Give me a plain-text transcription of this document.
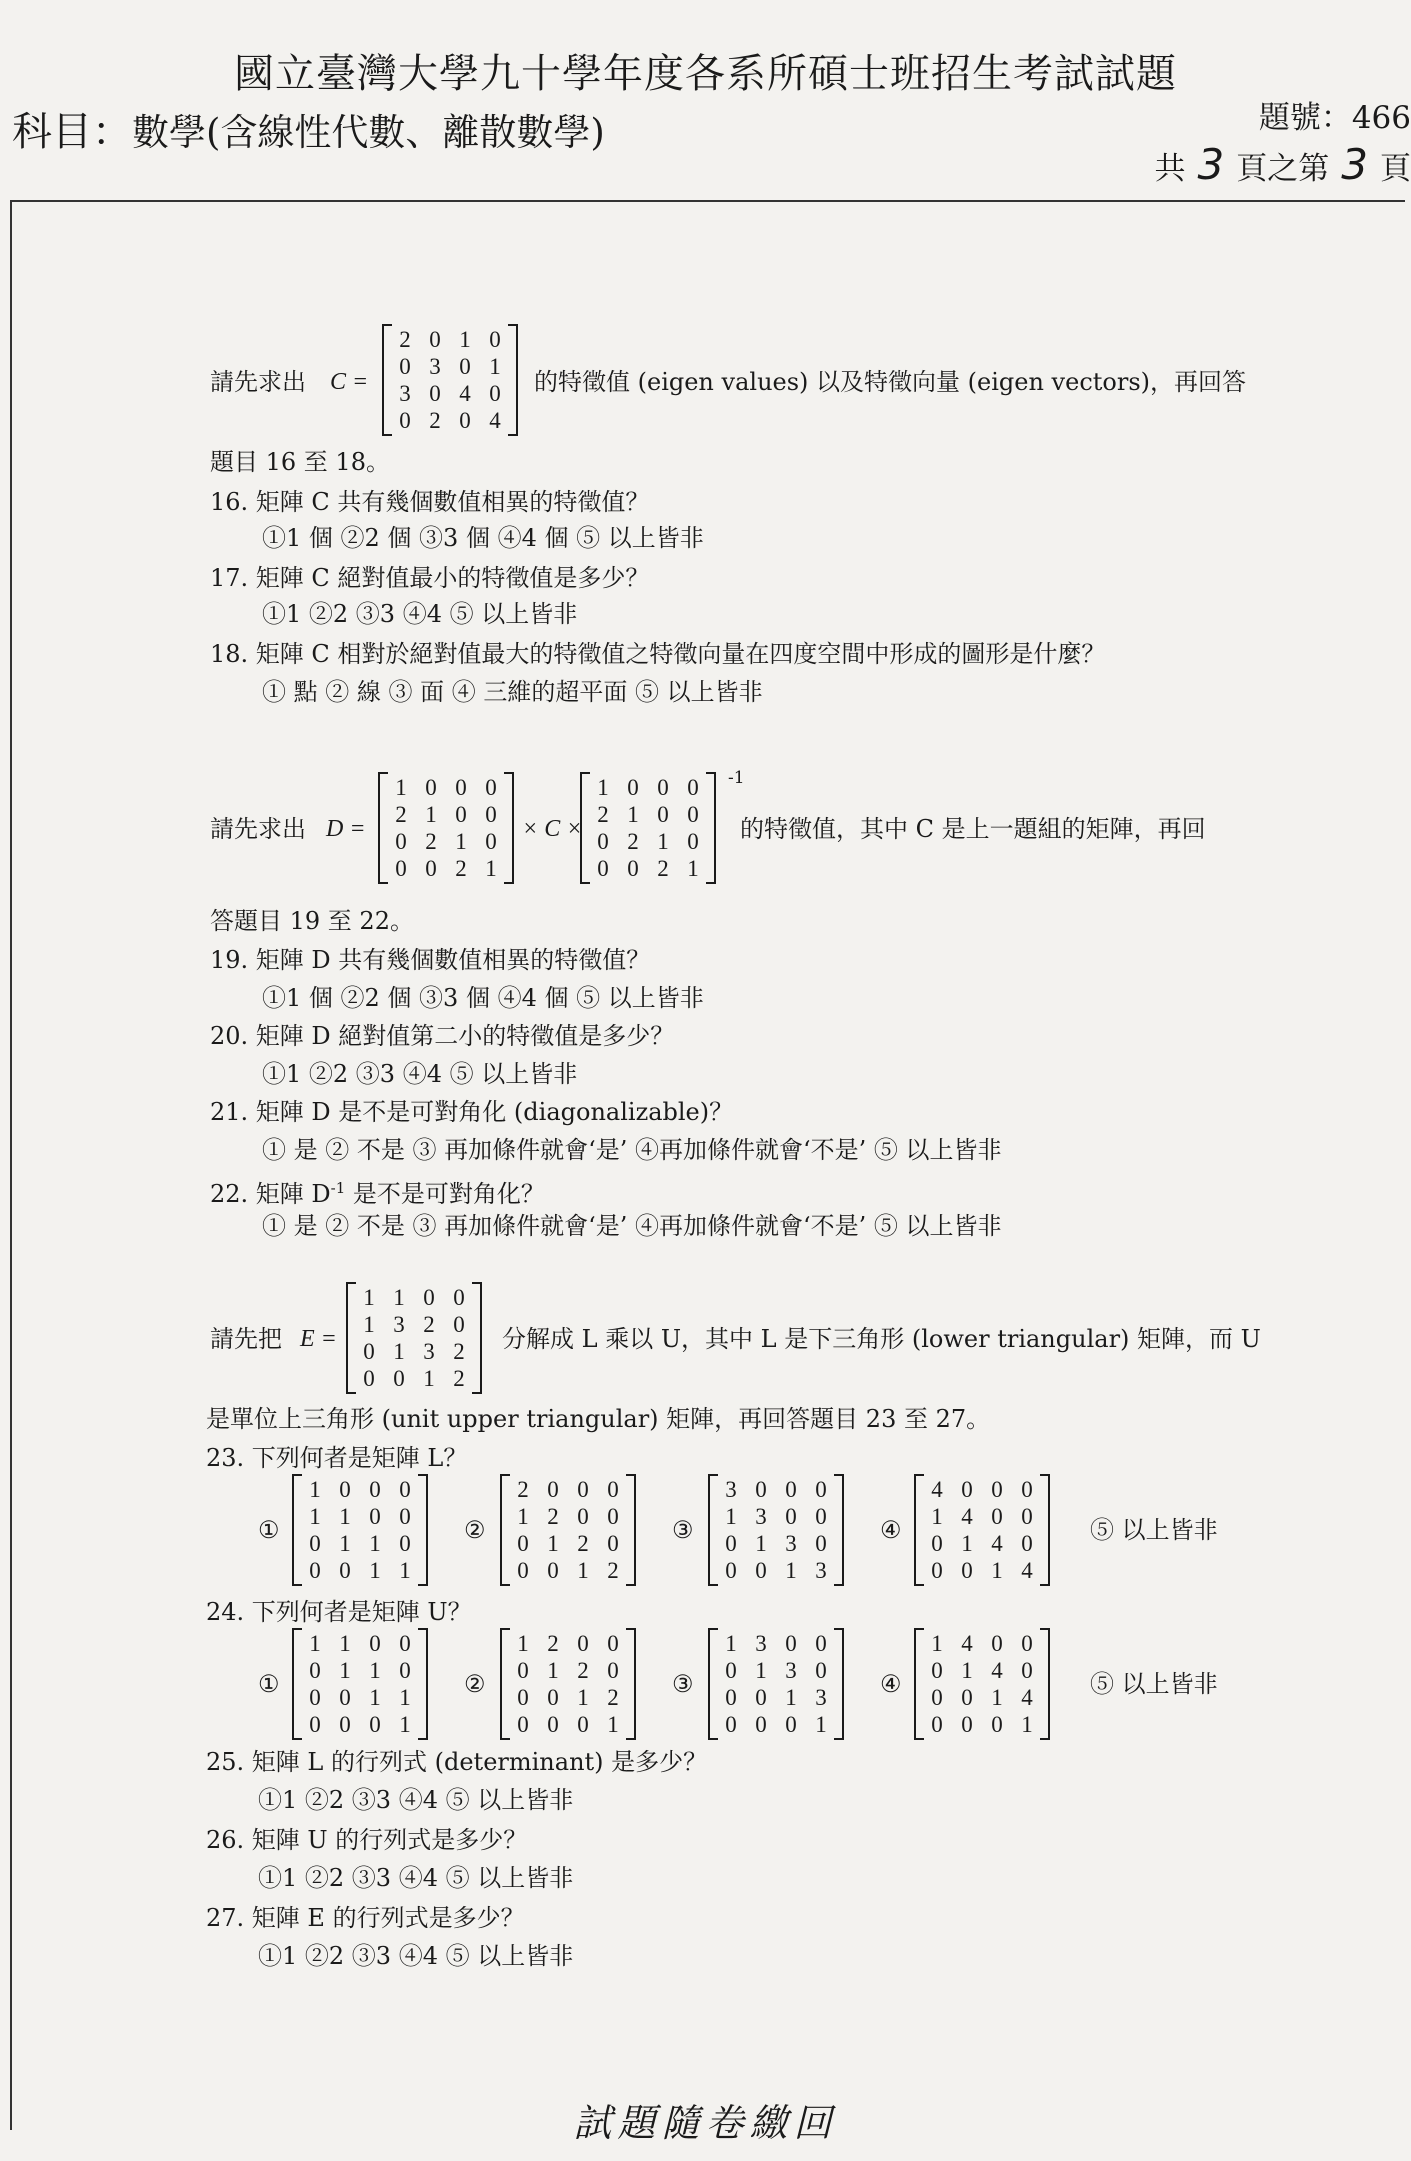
國立臺灣大學九十學年度各系所碩士班招生考試試題
科目：數學(含線性代數、離散數學)	題號：466
共 3 頁之第 3 頁
請先求出 C =
2	0	1	0
0	3	0	1
3	0	4	0
0	2	0	4
的特徵值 (eigen values) 以及特徵向量 (eigen vectors)，再回答
題目 16 至 18。
16. 矩陣 C 共有幾個數值相異的特徵值？
①1 個 ②2 個 ③3 個 ④4 個 ⑤ 以上皆非
17. 矩陣 C 絕對值最小的特徵值是多少？
①1 ②2 ③3 ④4 ⑤ 以上皆非
18. 矩陣 C 相對於絕對值最大的特徵值之特徵向量在四度空間中形成的圖形是什麼？
① 點 ② 線 ③ 面 ④ 三維的超平面 ⑤ 以上皆非
請先求出 D =
1	0	0	0
2	1	0	0
0	2	1	0
0	0	2	1
× C ×
1	0	0	0
2	1	0	0
0	2	1	0
0	0	2	1
-1
的特徵值，其中 C 是上一題組的矩陣，再回
答題目 19 至 22。
19. 矩陣 D 共有幾個數值相異的特徵值？
①1 個 ②2 個 ③3 個 ④4 個 ⑤ 以上皆非
20. 矩陣 D 絕對值第二小的特徵值是多少？
①1 ②2 ③3 ④4 ⑤ 以上皆非
21. 矩陣 D 是不是可對角化 (diagonalizable)？
① 是 ② 不是 ③ 再加條件就會‘是’ ④再加條件就會‘不是’ ⑤ 以上皆非
22. 矩陣 $D^{-1}$ 是不是可對角化？
① 是 ② 不是 ③ 再加條件就會‘是’ ④再加條件就會‘不是’ ⑤ 以上皆非
請先把 E =
1	1	0	0
1	3	2	0
0	1	3	2
0	0	1	2
分解成 L 乘以 U，其中 L 是下三角形 (lower triangular) 矩陣，而 U
是單位上三角形 (unit upper triangular) 矩陣，再回答題目 23 至 27。
23. 下列何者是矩陣 L？
①
1	0	0	0
1	1	0	0
0	1	1	0
0	0	1	1
②
2	0	0	0
1	2	0	0
0	1	2	0
0	0	1	2
③
3	0	0	0
1	3	0	0
0	1	3	0
0	0	1	3
④
4	0	0	0
1	4	0	0
0	1	4	0
0	0	1	4
⑤ 以上皆非
24. 下列何者是矩陣 U？
①
1	1	0	0
0	1	1	0
0	0	1	1
0	0	0	1
②
1	2	0	0
0	1	2	0
0	0	1	2
0	0	0	1
③
1	3	0	0
0	1	3	0
0	0	1	3
0	0	0	1
④
1	4	0	0
0	1	4	0
0	0	1	4
0	0	0	1
⑤ 以上皆非
25. 矩陣 L 的行列式 (determinant) 是多少？
①1 ②2 ③3 ④4 ⑤ 以上皆非
26. 矩陣 U 的行列式是多少？
①1 ②2 ③3 ④4 ⑤ 以上皆非
27. 矩陣 E 的行列式是多少？
①1 ②2 ③3 ④4 ⑤ 以上皆非
試題隨卷繳回
